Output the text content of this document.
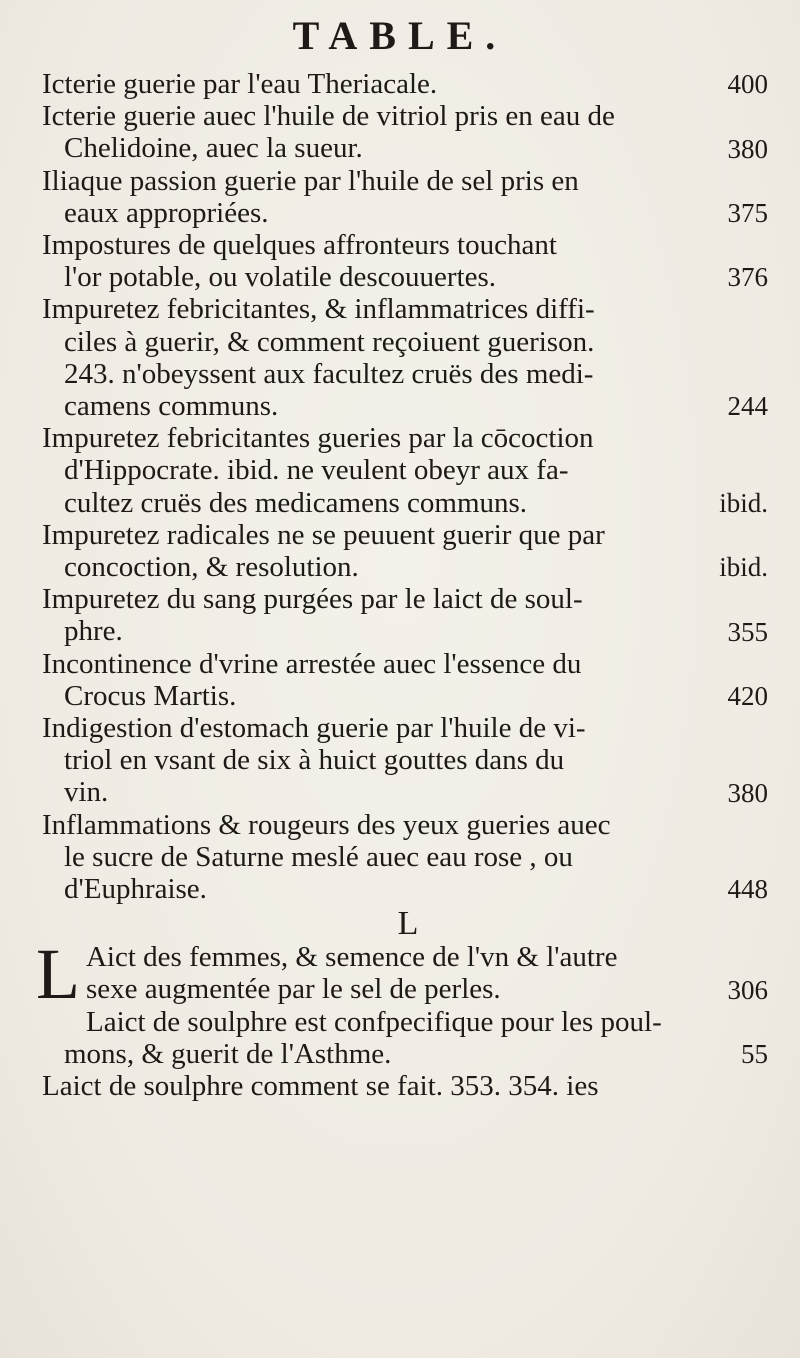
TABLE.
Icterie guerie par l'eau Theriacale.	400
Icterie guerie auec l'huile de vitriol pris en eau de
Chelidoine, auec la sueur.	380
Iliaque passion guerie par l'huile de sel pris en
eaux appropriées.	375
Impostures de quelques affronteurs touchant
l'or potable, ou volatile descouuertes.	376
Impuretez febricitantes, & inflammatrices diffi-
ciles à guerir, & comment reçoiuent guerison.
243. n'obeyssent aux facultez cruës des medi-
camens communs.	244
Impuretez febricitantes gueries par la cōcoction
d'Hippocrate. ibid. ne veulent obeyr aux fa-
cultez cruës des medicamens communs.	ibid.
Impuretez radicales ne se peuuent guerir que par
concoction, & resolution.	ibid.
Impuretez du sang purgées par le laict de soul-
phre.	355
Incontinence d'vrine arrestée auec l'essence du
Crocus Martis.	420
Indigestion d'estomach guerie par l'huile de vi-
triol en vsant de six à huict gouttes dans du
vin.	380
Inflammations & rougeurs des yeux gueries auec
le sucre de Saturne meslé auec eau rose , ou
d'Euphraise.	448
L
L Aict des femmes, & semence de l'vn & l'autre
sexe augmentée par le sel de perles.	306
Laict de soulphre est confpecifique pour les poul-
mons, & guerit de l'Asthme.	55
Laict de soulphre comment se fait. 353. 354. ies
